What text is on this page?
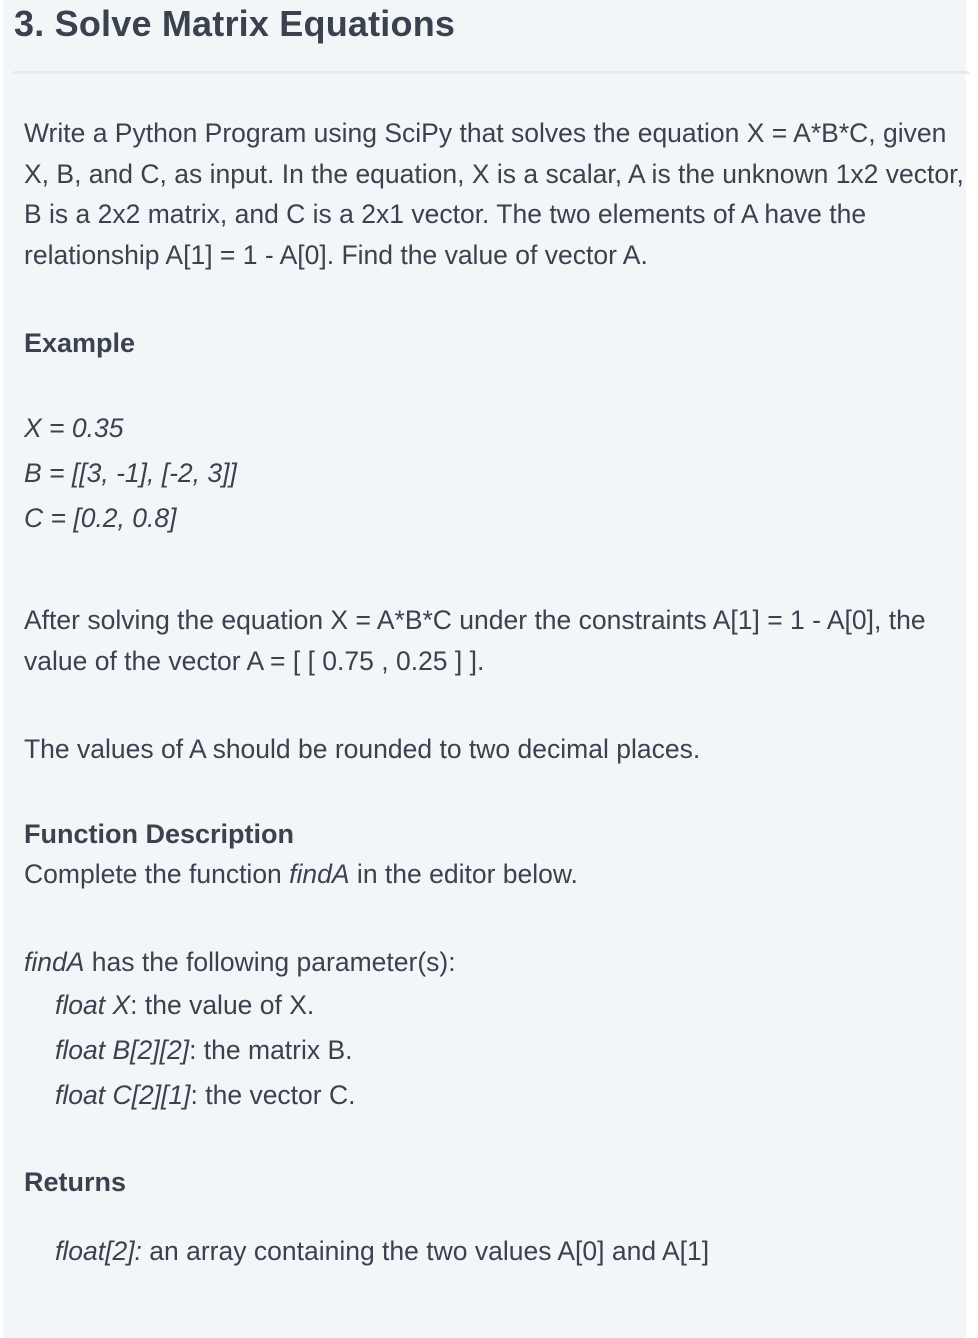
3. Solve Matrix Equations

Write a Python Program using SciPy that solves the equation X = A*B*C, given X, B, and C, as input. In the equation, X is a scalar, A is the unknown 1x2 vector, B is a 2x2 matrix, and C is a 2x1 vector. The two elements of A have the relationship A[1] = 1 - A[0]. Find the value of vector A.

Example
X = 0.35
B = [[3, -1], [-2, 3]]
C = [0.2, 0.8]

After solving the equation X = A*B*C under the constraints A[1] = 1 - A[0], the value of the vector A = [ [ 0.75 , 0.25 ] ].

The values of A should be rounded to two decimal places.

Function Description

Complete the function findA in the editor below.

findA has the following parameter(s):

float X: the value of X.
float B[2][2]: the matrix B.
float C[2][1]: the vector C.
Returns

float[2]: an array containing the two values A[0] and A[1]
